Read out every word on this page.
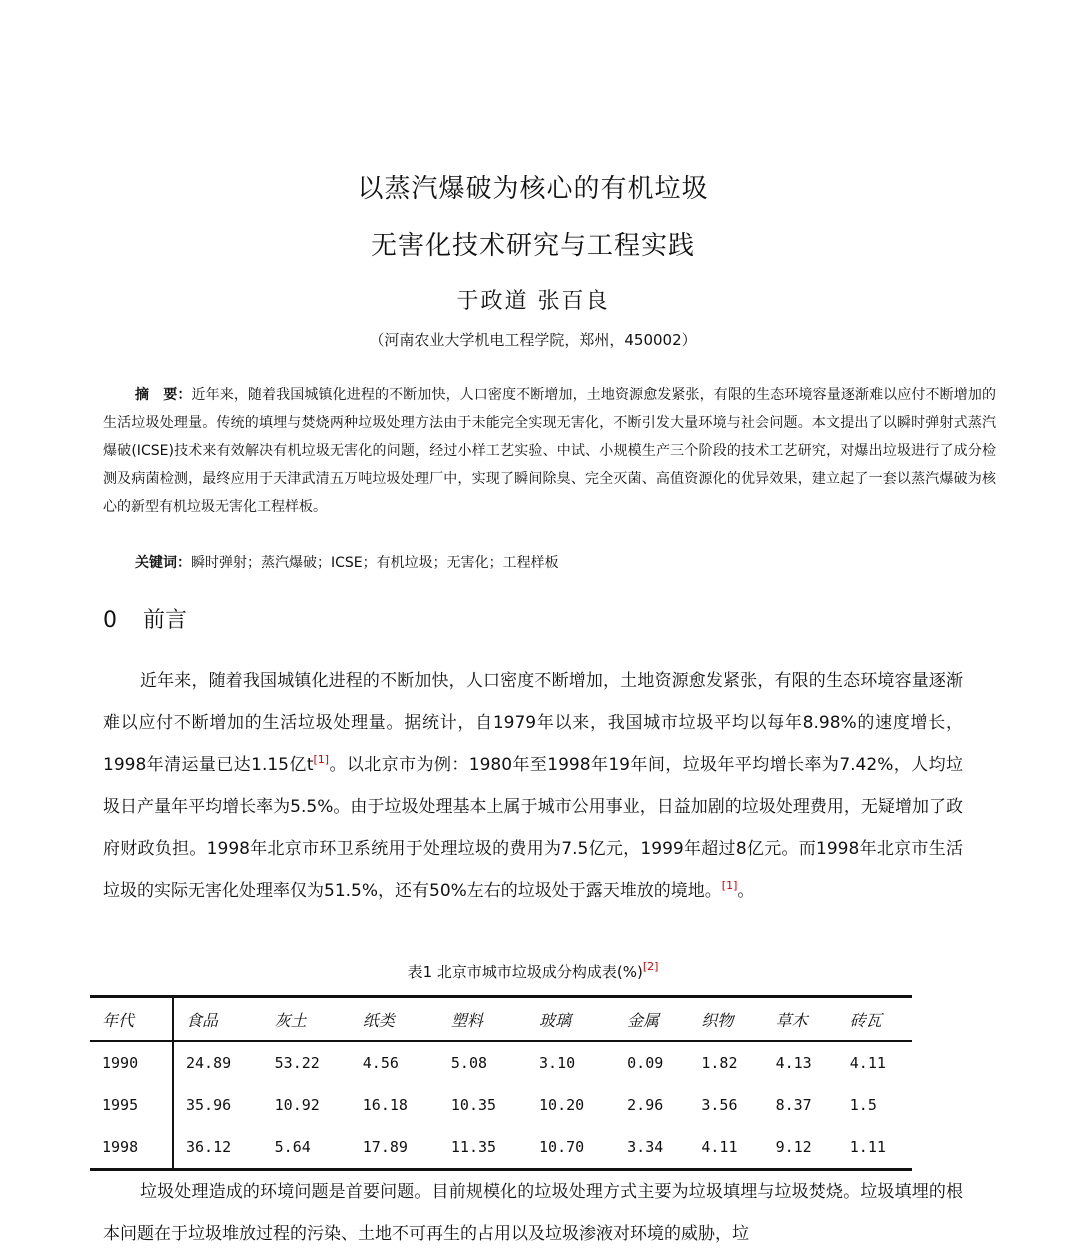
以蒸汽爆破为核心的有机垃圾
无害化技术研究与工程实践
于政道 张百良
（河南农业大学机电工程学院，郑州，450002）
摘　要：近年来，随着我国城镇化进程的不断加快，人口密度不断增加，土地资源愈发紧张，有限的生态环境容量逐渐难以应付不断增加的生活垃圾处理量。传统的填埋与焚烧两种垃圾处理方法由于未能完全实现无害化，不断引发大量环境与社会问题。本文提出了以瞬时弹射式蒸汽爆破(ICSE)技术来有效解决有机垃圾无害化的问题，经过小样工艺实验、中试、小规模生产三个阶段的技术工艺研究，对爆出垃圾进行了成分检测及病菌检测，最终应用于天津武清五万吨垃圾处理厂中，实现了瞬间除臭、完全灭菌、高值资源化的优异效果，建立起了一套以蒸汽爆破为核心的新型有机垃圾无害化工程样板。
关键词：瞬时弹射；蒸汽爆破；ICSE；有机垃圾；无害化；工程样板
0 前言
近年来，随着我国城镇化进程的不断加快，人口密度不断增加，土地资源愈发紧张，有限的生态环境容量逐渐难以应付不断增加的生活垃圾处理量。据统计，自1979年以来，我国城市垃圾平均以每年8.98%的速度增长，1998年清运量已达1.15亿t[1]。以北京市为例：1980年至1998年19年间，垃圾年平均增长率为7.42%，人均垃圾日产量年平均增长率为5.5%。由于垃圾处理基本上属于城市公用事业，日益加剧的垃圾处理费用，无疑增加了政府财政负担。1998年北京市环卫系统用于处理垃圾的费用为7.5亿元，1999年超过8亿元。而1998年北京市生活垃圾的实际无害化处理率仅为51.5%，还有50%左右的垃圾处于露天堆放的境地。[1]。
表1 北京市城市垃圾成分构成表(%)[2]
年代	食品	灰土	纸类	塑料	玻璃	金属	织物	草木	砖瓦
1990	24.89	53.22	4.56	5.08	3.10	0.09	1.82	4.13	4.11
1995	35.96	10.92	16.18	10.35	10.20	2.96	3.56	8.37	1.5
1998	36.12	5.64	17.89	11.35	10.70	3.34	4.11	9.12	1.11
垃圾处理造成的环境问题是首要问题。目前规模化的垃圾处理方式主要为垃圾填埋与垃圾焚烧。垃圾填埋的根本问题在于垃圾堆放过程的污染、土地不可再生的占用以及垃圾渗液对环境的威胁，垃
